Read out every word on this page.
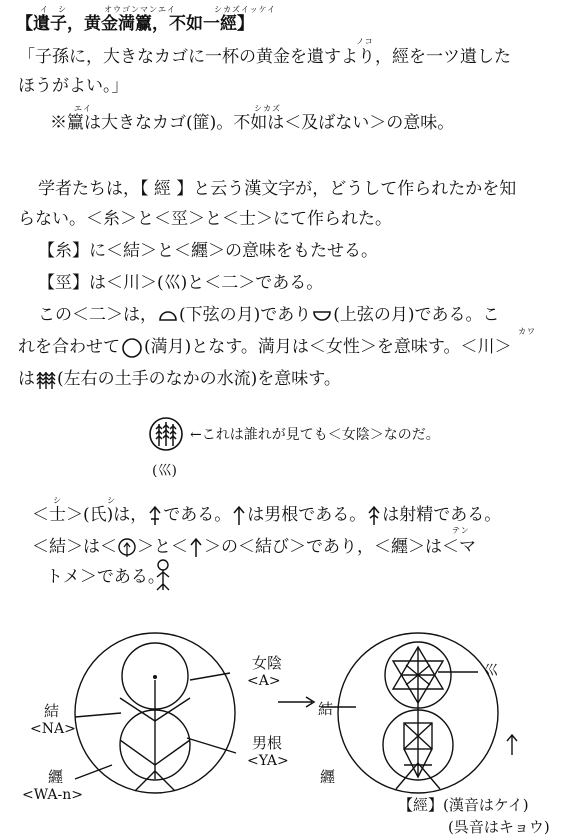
イ　シ	オウゴンマンエイ	シカズイッケイ
【遺子，黄金満籯，不如一經】
ノコ
「子孫に，大きなカゴに一杯の黄金を遺すより，經を一ツ遺した
ほうがよい。」
エイ	シカズ
※籯は大きなカゴ(篚)。不如は＜及ばない＞の意味。
学者たちは，【 經 】と云う漢文字が，どうして作られたかを知
らない。＜糸＞と＜巠＞と＜士＞にて作られた。
【糸】に＜結＞と＜纒＞の意味をもたせる。
【巠】は＜川＞(巛)と＜二＞である。
この＜二＞は， (下弦の月)であり (上弦の月)である。こ
カワ
れを合わせて (満月)となす。満月は＜女性＞を意味す。＜川＞
は (左右の土手のなかの水流)を意味す。
←これは誰れが見ても＜女陰＞なのだ。
(巛)
シ	シ
＜士＞(氏)は， である。 は男根である。 は射精である。
テン
＜結＞は＜ ＞と＜ ＞の＜結び＞であり，＜纒＞は＜マ
トメ＞である。
女陰
<A>
結
<NA>
男根
<YA>
纒
<WA-n>
結
巛
纒
【經】(漢音はケイ)
(呉音はキョウ)
